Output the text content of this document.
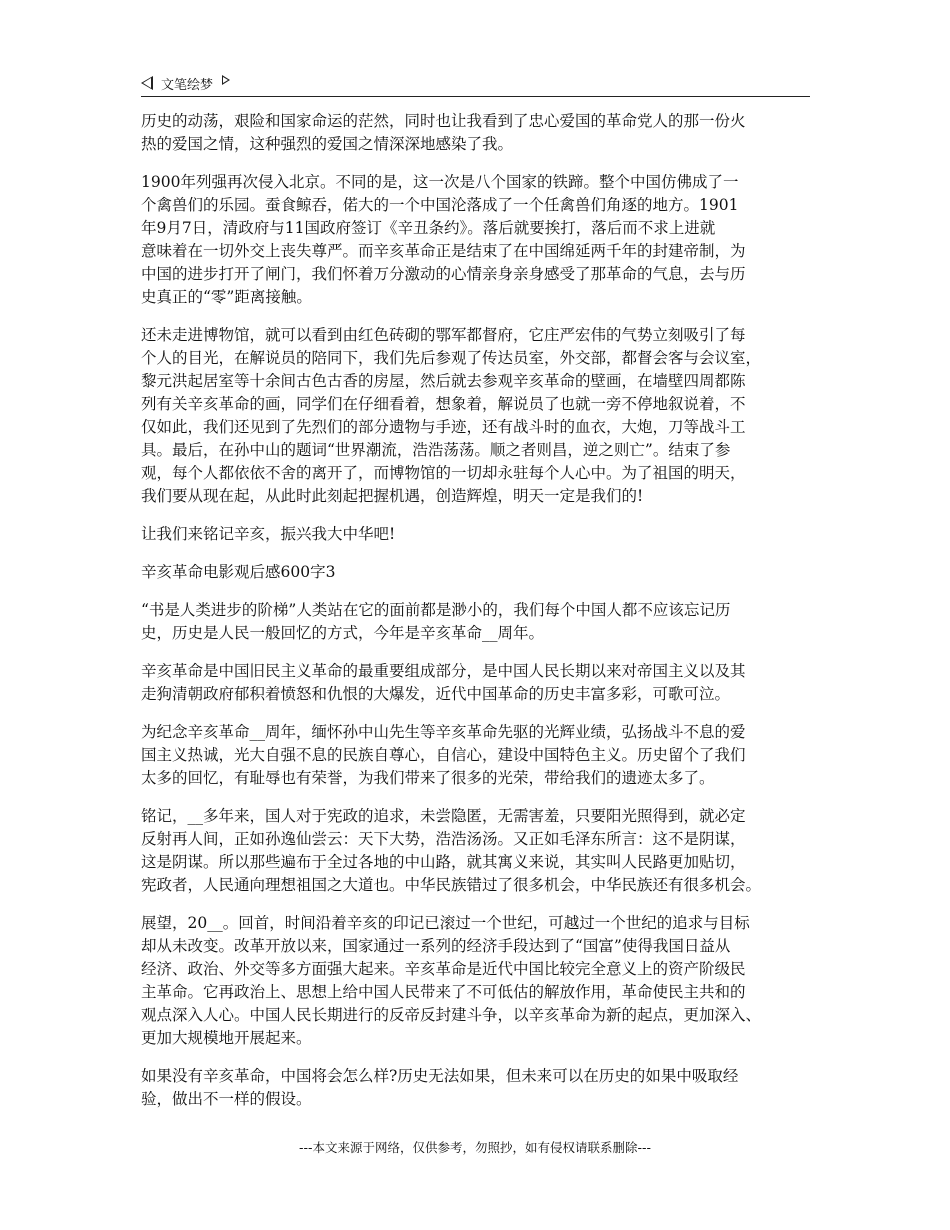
文笔绘梦

历史的动荡，艰险和国家命运的茫然，同时也让我看到了忠心爱国的革命党人的那一份火
热的爱国之情，这种强烈的爱国之情深深地感染了我。

1900年列强再次侵入北京。不同的是，这一次是八个国家的铁蹄。整个中国仿佛成了一
个禽兽们的乐园。蚕食鲸吞，偌大的一个中国沦落成了一个任禽兽们角逐的地方。1901
年9月7日，清政府与11国政府签订《辛丑条约》。落后就要挨打，落后而不求上进就
意味着在一切外交上丧失尊严。而辛亥革命正是结束了在中国绵延两千年的封建帝制，为
中国的进步打开了闸门，我们怀着万分激动的心情亲身亲身感受了那革命的气息，去与历
史真正的“零”距离接触。

还未走进博物馆，就可以看到由红色砖砌的鄂军都督府，它庄严宏伟的气势立刻吸引了每
个人的目光，在解说员的陪同下，我们先后参观了传达员室，外交部，都督会客与会议室，
黎元洪起居室等十余间古色古香的房屋，然后就去参观辛亥革命的壁画，在墙壁四周都陈
列有关辛亥革命的画，同学们在仔细看着，想象着，解说员了也就一旁不停地叙说着，不
仅如此，我们还见到了先烈们的部分遗物与手迹，还有战斗时的血衣，大炮，刀等战斗工
具。最后，在孙中山的题词“世界潮流，浩浩荡荡。顺之者则昌，逆之则亡”。结束了参
观，每个人都依依不舍的离开了，而博物馆的一切却永驻每个人心中。为了祖国的明天，
我们要从现在起，从此时此刻起把握机遇，创造辉煌，明天一定是我们的!

让我们来铭记辛亥，振兴我大中华吧!

辛亥革命电影观后感600字3

“书是人类进步的阶梯”人类站在它的面前都是渺小的，我们每个中国人都不应该忘记历
史，历史是人民一般回忆的方式，今年是辛亥革命__周年。

辛亥革命是中国旧民主义革命的最重要组成部分，是中国人民长期以来对帝国主义以及其
走狗清朝政府郁积着愤怒和仇恨的大爆发，近代中国革命的历史丰富多彩，可歌可泣。

为纪念辛亥革命__周年，缅怀孙中山先生等辛亥革命先驱的光辉业绩，弘扬战斗不息的爱
国主义热诚，光大自强不息的民族自尊心，自信心，建设中国特色主义。历史留个了我们
太多的回忆，有耻辱也有荣誉，为我们带来了很多的光荣，带给我们的遗迹太多了。

铭记，__多年来，国人对于宪政的追求，未尝隐匿，无需害羞，只要阳光照得到，就必定
反射再人间，正如孙逸仙尝云：天下大势，浩浩汤汤。又正如毛泽东所言：这不是阴谋，
这是阴谋。所以那些遍布于全过各地的中山路，就其寓义来说，其实叫人民路更加贴切，
宪政者，人民通向理想祖国之大道也。中华民族错过了很多机会，中华民族还有很多机会。

展望，20__。回首，时间沿着辛亥的印记已滚过一个世纪，可越过一个世纪的追求与目标
却从未改变。改革开放以来，国家通过一系列的经济手段达到了“国富”使得我国日益从
经济、政治、外交等多方面强大起来。辛亥革命是近代中国比较完全意义上的资产阶级民
主革命。它再政治上、思想上给中国人民带来了不可低估的解放作用，革命使民主共和的
观点深入人心。中国人民长期进行的反帝反封建斗争，以辛亥革命为新的起点，更加深入、
更加大规模地开展起来。

如果没有辛亥革命，中国将会怎么样?历史无法如果，但未来可以在历史的如果中吸取经
验，做出不一样的假设。

---本文来源于网络，仅供参考，勿照抄，如有侵权请联系删除---
